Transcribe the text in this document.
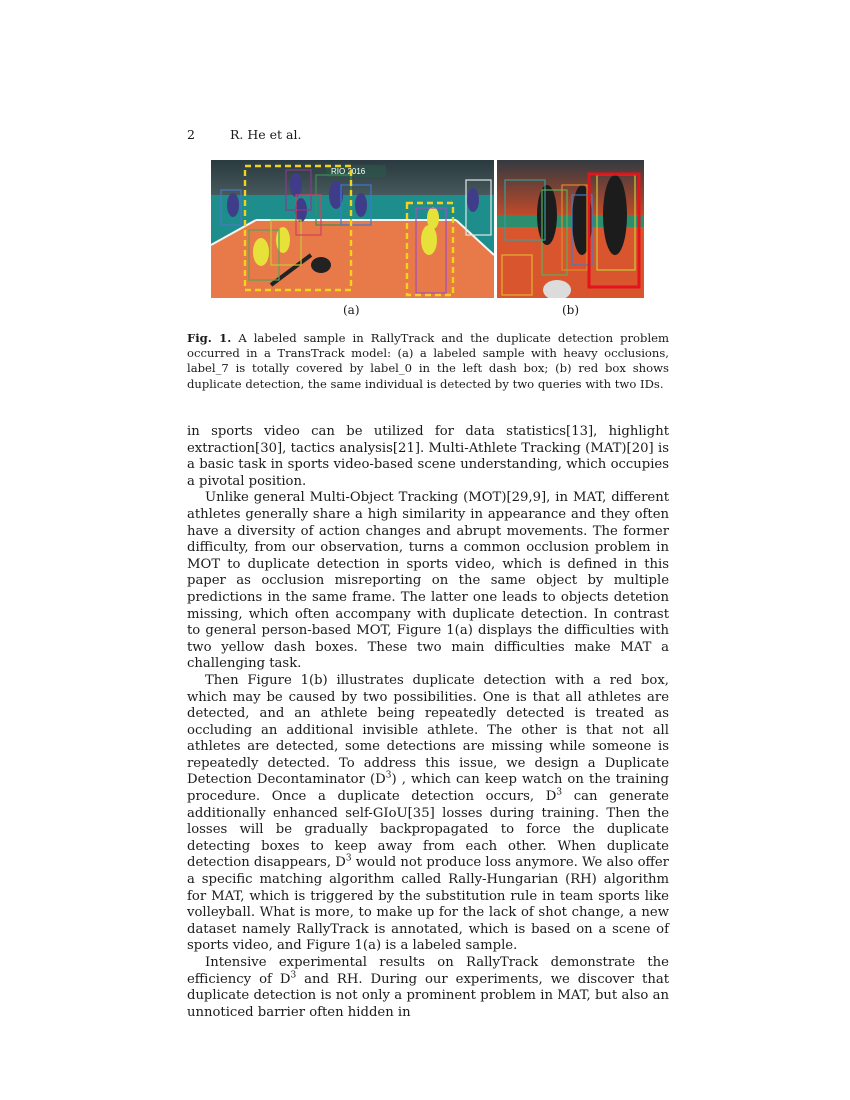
2	R. He et al.
RIO 2016
(a)	(b)
Fig. 1. A labeled sample in RallyTrack and the duplicate detection problem occurred in a TransTrack model: (a) a labeled sample with heavy occlusions, label_7 is totally covered by label_0 in the left dash box; (b) red box shows duplicate detection, the same individual is detected by two queries with two IDs.

in sports video can be utilized for data statistics[13], highlight extraction[30], tactics analysis[21]. Multi-Athlete Tracking (MAT)[20] is a basic task in sports video-based scene understanding, which occupies a pivotal position.

Unlike general Multi-Object Tracking (MOT)[29,9], in MAT, different athletes generally share a high similarity in appearance and they often have a diversity of action changes and abrupt movements. The former difficulty, from our observation, turns a common occlusion problem in MOT to duplicate detection in sports video, which is defined in this paper as occlusion misreporting on the same object by multiple predictions in the same frame. The latter one leads to objects detetion missing, which often accompany with duplicate detection. In contrast to general person-based MOT, Figure 1(a) displays the difficulties with two yellow dash boxes. These two main difficulties make MAT a challenging task.

Then Figure 1(b) illustrates duplicate detection with a red box, which may be caused by two possibilities. One is that all athletes are detected, and an athlete being repeatedly detected is treated as occluding an additional invisible athlete. The other is that not all athletes are detected, some detections are missing while someone is repeatedly detected. To address this issue, we design a Duplicate Detection Decontaminator $(D^3)$ , which can keep watch on the training procedure. Once a duplicate detection occurs, $D^3$ can generate additionally enhanced self-GIoU[35] losses during training. Then the losses will be gradually backpropagated to force the duplicate detecting boxes to keep away from each other. When duplicate detection disappears, $D^3$ would not produce loss anymore. We also offer a specific matching algorithm called Rally-Hungarian (RH) algorithm for MAT, which is triggered by the substitution rule in team sports like volleyball. What is more, to make up for the lack of shot change, a new dataset namely RallyTrack is annotated, which is based on a scene of sports video, and Figure 1(a) is a labeled sample.

Intensive experimental results on RallyTrack demonstrate the efficiency of $D^3$ and RH. During our experiments, we discover that duplicate detection is not only a prominent problem in MAT, but also an unnoticed barrier often hidden in
